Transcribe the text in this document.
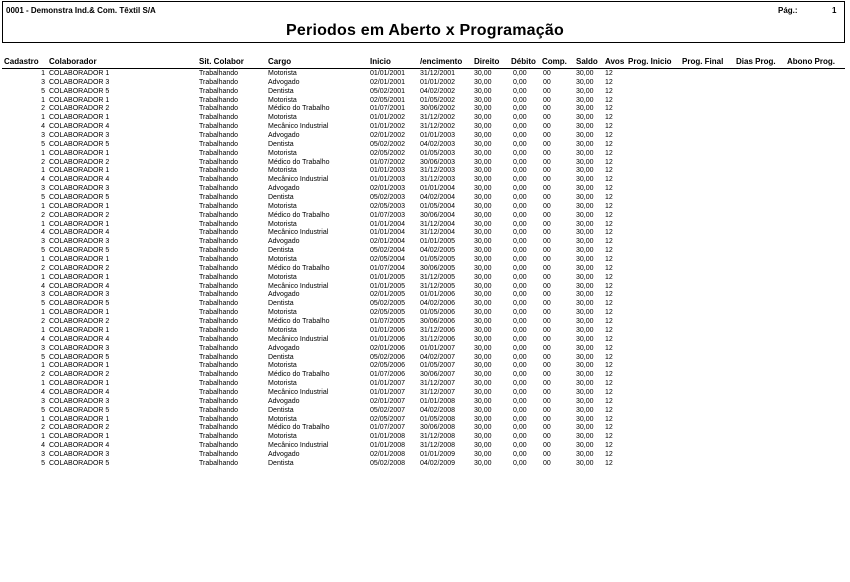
0001 - Demonstra Ind.& Com. Têxtil S/A	Pág.:	1
Periodos em Aberto x Programação
Cadastro Colaborador	Sit. Colabor	Cargo	Inicio	/encimento Direito Débito Comp. Saldo Avos Prog. Inicio Prog. Final Dias Prog. Abono Prog.
1 COLABORADOR 1	Trabalhando	Motorista	01/01/2001 31/12/2001	30,00	0,00 00	30,00 12
3 COLABORADOR 3	Trabalhando	Advogado	02/01/2001 01/01/2002	30,00	0,00 00	30,00 12
5 COLABORADOR 5	Trabalhando	Dentista	05/02/2001 04/02/2002	30,00	0,00 00	30,00 12
1 COLABORADOR 1	Trabalhando	Motorista	02/05/2001 01/05/2002	30,00	0,00 00	30,00 12
2 COLABORADOR 2	Trabalhando	Médico do Trabalho	01/07/2001 30/06/2002	30,00	0,00 00	30,00 12
1 COLABORADOR 1	Trabalhando	Motorista	01/01/2002 31/12/2002	30,00	0,00 00	30,00 12
4 COLABORADOR 4	Trabalhando	Mecânico Industrial	01/01/2002 31/12/2002	30,00	0,00 00	30,00 12
3 COLABORADOR 3	Trabalhando	Advogado	02/01/2002 01/01/2003	30,00	0,00 00	30,00 12
5 COLABORADOR 5	Trabalhando	Dentista	05/02/2002 04/02/2003	30,00	0,00 00	30,00 12
1 COLABORADOR 1	Trabalhando	Motorista	02/05/2002 01/05/2003	30,00	0,00 00	30,00 12
2 COLABORADOR 2	Trabalhando	Médico do Trabalho	01/07/2002 30/06/2003	30,00	0,00 00	30,00 12
1 COLABORADOR 1	Trabalhando	Motorista	01/01/2003 31/12/2003	30,00	0,00 00	30,00 12
4 COLABORADOR 4	Trabalhando	Mecânico Industrial	01/01/2003 31/12/2003	30,00	0,00 00	30,00 12
3 COLABORADOR 3	Trabalhando	Advogado	02/01/2003 01/01/2004	30,00	0,00 00	30,00 12
5 COLABORADOR 5	Trabalhando	Dentista	05/02/2003 04/02/2004	30,00	0,00 00	30,00 12
1 COLABORADOR 1	Trabalhando	Motorista	02/05/2003 01/05/2004	30,00	0,00 00	30,00 12
2 COLABORADOR 2	Trabalhando	Médico do Trabalho	01/07/2003 30/06/2004	30,00	0,00 00	30,00 12
1 COLABORADOR 1	Trabalhando	Motorista	01/01/2004 31/12/2004	30,00	0,00 00	30,00 12
4 COLABORADOR 4	Trabalhando	Mecânico Industrial	01/01/2004 31/12/2004	30,00	0,00 00	30,00 12
3 COLABORADOR 3	Trabalhando	Advogado	02/01/2004 01/01/2005	30,00	0,00 00	30,00 12
5 COLABORADOR 5	Trabalhando	Dentista	05/02/2004 04/02/2005	30,00	0,00 00	30,00 12
1 COLABORADOR 1	Trabalhando	Motorista	02/05/2004 01/05/2005	30,00	0,00 00	30,00 12
2 COLABORADOR 2	Trabalhando	Médico do Trabalho	01/07/2004 30/06/2005	30,00	0,00 00	30,00 12
1 COLABORADOR 1	Trabalhando	Motorista	01/01/2005 31/12/2005	30,00	0,00 00	30,00 12
4 COLABORADOR 4	Trabalhando	Mecânico Industrial	01/01/2005 31/12/2005	30,00	0,00 00	30,00 12
3 COLABORADOR 3	Trabalhando	Advogado	02/01/2005 01/01/2006	30,00	0,00 00	30,00 12
5 COLABORADOR 5	Trabalhando	Dentista	05/02/2005 04/02/2006	30,00	0,00 00	30,00 12
1 COLABORADOR 1	Trabalhando	Motorista	02/05/2005 01/05/2006	30,00	0,00 00	30,00 12
2 COLABORADOR 2	Trabalhando	Médico do Trabalho	01/07/2005 30/06/2006	30,00	0,00 00	30,00 12
1 COLABORADOR 1	Trabalhando	Motorista	01/01/2006 31/12/2006	30,00	0,00 00	30,00 12
4 COLABORADOR 4	Trabalhando	Mecânico Industrial	01/01/2006 31/12/2006	30,00	0,00 00	30,00 12
3 COLABORADOR 3	Trabalhando	Advogado	02/01/2006 01/01/2007	30,00	0,00 00	30,00 12
5 COLABORADOR 5	Trabalhando	Dentista	05/02/2006 04/02/2007	30,00	0,00 00	30,00 12
1 COLABORADOR 1	Trabalhando	Motorista	02/05/2006 01/05/2007	30,00	0,00 00	30,00 12
2 COLABORADOR 2	Trabalhando	Médico do Trabalho	01/07/2006 30/06/2007	30,00	0,00 00	30,00 12
1 COLABORADOR 1	Trabalhando	Motorista	01/01/2007 31/12/2007	30,00	0,00 00	30,00 12
4 COLABORADOR 4	Trabalhando	Mecânico Industrial	01/01/2007 31/12/2007	30,00	0,00 00	30,00 12
3 COLABORADOR 3	Trabalhando	Advogado	02/01/2007 01/01/2008	30,00	0,00 00	30,00 12
5 COLABORADOR 5	Trabalhando	Dentista	05/02/2007 04/02/2008	30,00	0,00 00	30,00 12
1 COLABORADOR 1	Trabalhando	Motorista	02/05/2007 01/05/2008	30,00	0,00 00	30,00 12
2 COLABORADOR 2	Trabalhando	Médico do Trabalho	01/07/2007 30/06/2008	30,00	0,00 00	30,00 12
1 COLABORADOR 1	Trabalhando	Motorista	01/01/2008 31/12/2008	30,00	0,00 00	30,00 12
4 COLABORADOR 4	Trabalhando	Mecânico Industrial	01/01/2008 31/12/2008	30,00	0,00 00	30,00 12
3 COLABORADOR 3	Trabalhando	Advogado	02/01/2008 01/01/2009	30,00	0,00 00	30,00 12
5 COLABORADOR 5	Trabalhando	Dentista	05/02/2008 04/02/2009	30,00	0,00 00	30,00 12
